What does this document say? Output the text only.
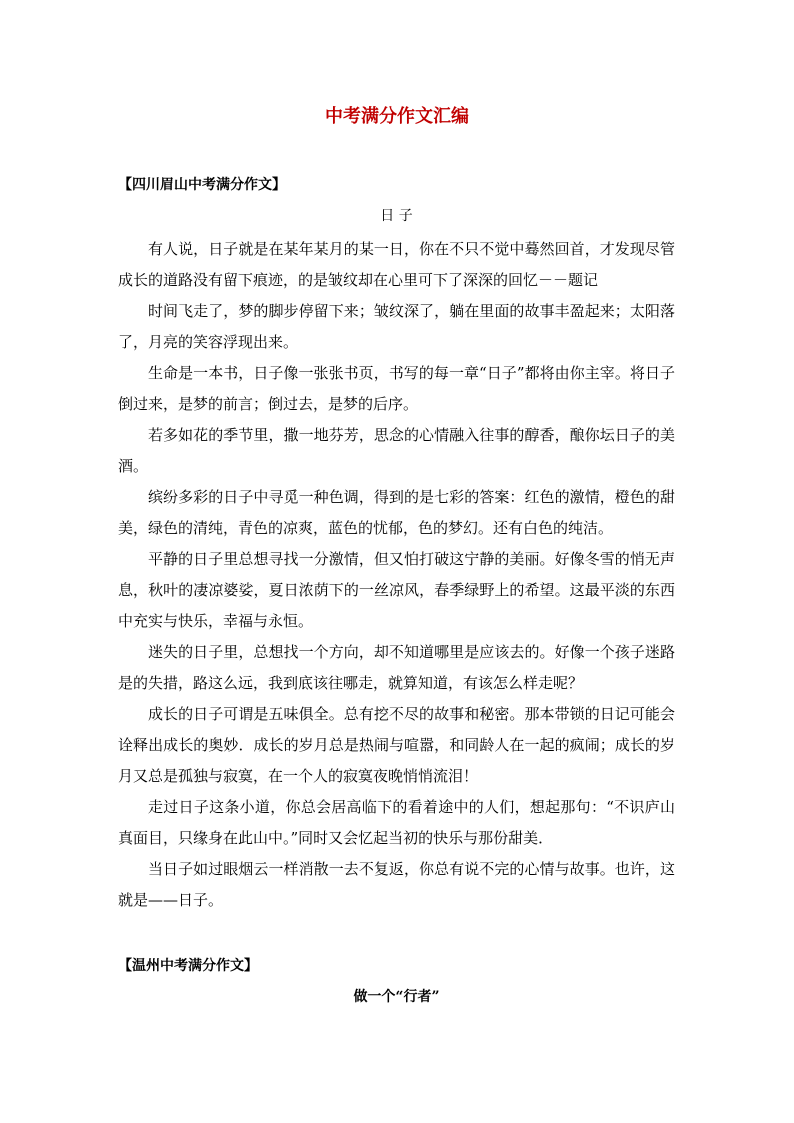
中考满分作文汇编

【四川眉山中考满分作文】

日 子

有人说，日子就是在某年某月的某一日，你在不只不觉中蓦然回首，才发现尽管成长的道路没有留下痕迹，的是皱纹却在心里可下了深深的回忆－－题记

时间飞走了，梦的脚步停留下来；皱纹深了，躺在里面的故事丰盈起来；太阳落了，月亮的笑容浮现出来。

生命是一本书，日子像一张张书页，书写的每一章“日子”都将由你主宰。将日子倒过来，是梦的前言；倒过去，是梦的后序。

若多如花的季节里，撒一地芬芳，思念的心情融入往事的醇香，酿你坛日子的美酒。

缤纷多彩的日子中寻觅一种色调，得到的是七彩的答案：红色的激情，橙色的甜美，绿色的清纯，青色的凉爽，蓝色的忧郁，色的梦幻。还有白色的纯洁。

平静的日子里总想寻找一分激情，但又怕打破这宁静的美丽。好像冬雪的悄无声息，秋叶的凄凉婆娑，夏日浓荫下的一丝凉风，春季绿野上的希望。这最平淡的东西中充实与快乐，幸福与永恒。

迷失的日子里，总想找一个方向，却不知道哪里是应该去的。好像一个孩子迷路是的失措，路这么远，我到底该往哪走，就算知道，有该怎么样走呢？

成长的日子可谓是五味俱全。总有挖不尽的故事和秘密。那本带锁的日记可能会诠释出成长的奥妙．成长的岁月总是热闹与喧嚣，和同龄人在一起的疯闹；成长的岁月又总是孤独与寂寞，在一个人的寂寞夜晚悄悄流泪！

走过日子这条小道，你总会居高临下的看着途中的人们，想起那句：“不识庐山真面目，只缘身在此山中。”同时又会忆起当初的快乐与那份甜美．

当日子如过眼烟云一样消散一去不复返，你总有说不完的心情与故事。也许，这就是——日子。

【温州中考满分作文】

做一个“行者”
